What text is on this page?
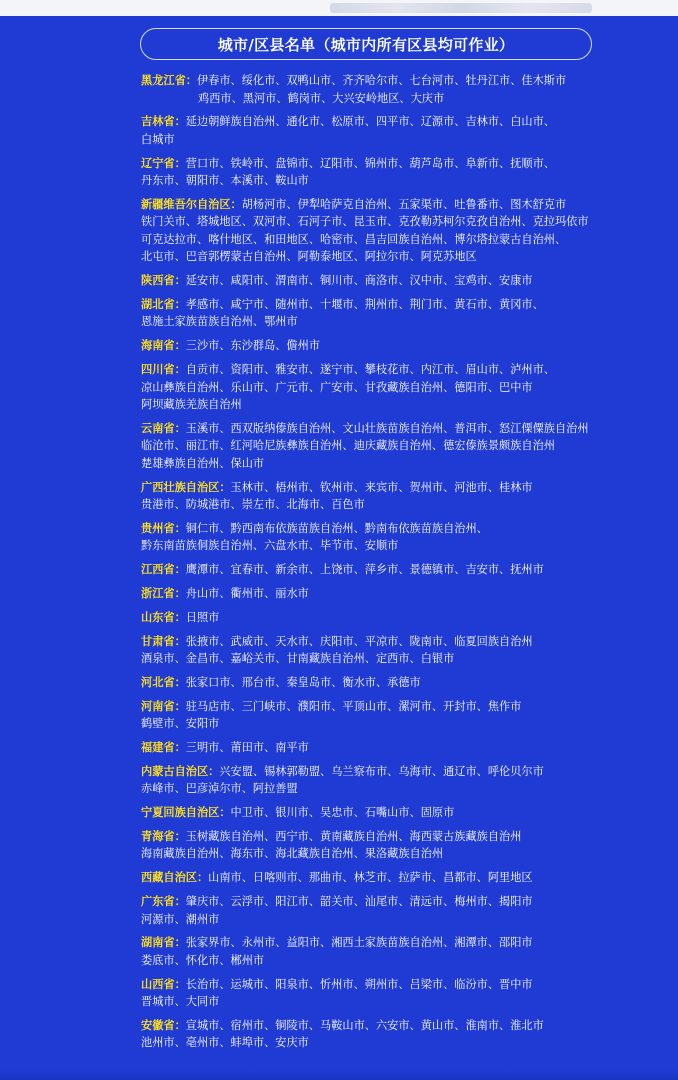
城市/区县名单（城市内所有区县均可作业）
黑龙江省：伊春市、绥化市、双鸭山市、齐齐哈尔市、七台河市、牡丹江市、佳木斯市
鸡西市、黑河市、鹤岗市、大兴安岭地区、大庆市
吉林省：延边朝鲜族自治州、通化市、松原市、四平市、辽源市、吉林市、白山市、
白城市
辽宁省：营口市、铁岭市、盘锦市、辽阳市、锦州市、葫芦岛市、阜新市、抚顺市、
丹东市、朝阳市、本溪市、鞍山市
新疆维吾尔自治区：胡杨河市、伊犁哈萨克自治州、五家渠市、吐鲁番市、图木舒克市
铁门关市、塔城地区、双河市、石河子市、昆玉市、克孜勒苏柯尔克孜自治州、克拉玛依市
可克达拉市、喀什地区、和田地区、哈密市、昌吉回族自治州、博尔塔拉蒙古自治州、
北屯市、巴音郭楞蒙古自治州、阿勒泰地区、阿拉尔市、阿克苏地区
陕西省：延安市、咸阳市、渭南市、铜川市、商洛市、汉中市、宝鸡市、安康市
湖北省：孝感市、咸宁市、随州市、十堰市、荆州市、荆门市、黄石市、黄冈市、
恩施土家族苗族自治州、鄂州市
海南省：三沙市、东沙群岛、儋州市
四川省：自贡市、资阳市、雅安市、遂宁市、攀枝花市、内江市、眉山市、泸州市、
凉山彝族自治州、乐山市、广元市、广安市、甘孜藏族自治州、德阳市、巴中市
阿坝藏族羌族自治州
云南省：玉溪市、西双版纳傣族自治州、文山壮族苗族自治州、普洱市、怒江傈僳族自治州
临沧市、丽江市、红河哈尼族彝族自治州、迪庆藏族自治州、德宏傣族景颇族自治州
楚雄彝族自治州、保山市
广西壮族自治区：玉林市、梧州市、钦州市、来宾市、贺州市、河池市、桂林市
贵港市、防城港市、崇左市、北海市、百色市
贵州省：铜仁市、黔西南布依族苗族自治州、黔南布依族苗族自治州、
黔东南苗族侗族自治州、六盘水市、毕节市、安顺市
江西省：鹰潭市、宜春市、新余市、上饶市、萍乡市、景德镇市、吉安市、抚州市
浙江省：舟山市、衢州市、丽水市
山东省：日照市
甘肃省：张掖市、武威市、天水市、庆阳市、平凉市、陇南市、临夏回族自治州
酒泉市、金昌市、嘉峪关市、甘南藏族自治州、定西市、白银市
河北省：张家口市、邢台市、秦皇岛市、衡水市、承德市
河南省：驻马店市、三门峡市、濮阳市、平顶山市、漯河市、开封市、焦作市
鹤壁市、安阳市
福建省：三明市、莆田市、南平市
内蒙古自治区：兴安盟、锡林郭勒盟、乌兰察布市、乌海市、通辽市、呼伦贝尔市
赤峰市、巴彦淖尔市、阿拉善盟
宁夏回族自治区：中卫市、银川市、吴忠市、石嘴山市、固原市
青海省：玉树藏族自治州、西宁市、黄南藏族自治州、海西蒙古族藏族自治州
海南藏族自治州、海东市、海北藏族自治州、果洛藏族自治州
西藏自治区：山南市、日喀则市、那曲市、林芝市、拉萨市、昌都市、阿里地区
广东省：肇庆市、云浮市、阳江市、韶关市、汕尾市、清远市、梅州市、揭阳市
河源市、潮州市
湖南省：张家界市、永州市、益阳市、湘西土家族苗族自治州、湘潭市、邵阳市
娄底市、怀化市、郴州市
山西省：长治市、运城市、阳泉市、忻州市、朔州市、吕梁市、临汾市、晋中市
晋城市、大同市
安徽省：宣城市、宿州市、铜陵市、马鞍山市、六安市、黄山市、淮南市、淮北市
池州市、亳州市、蚌埠市、安庆市
